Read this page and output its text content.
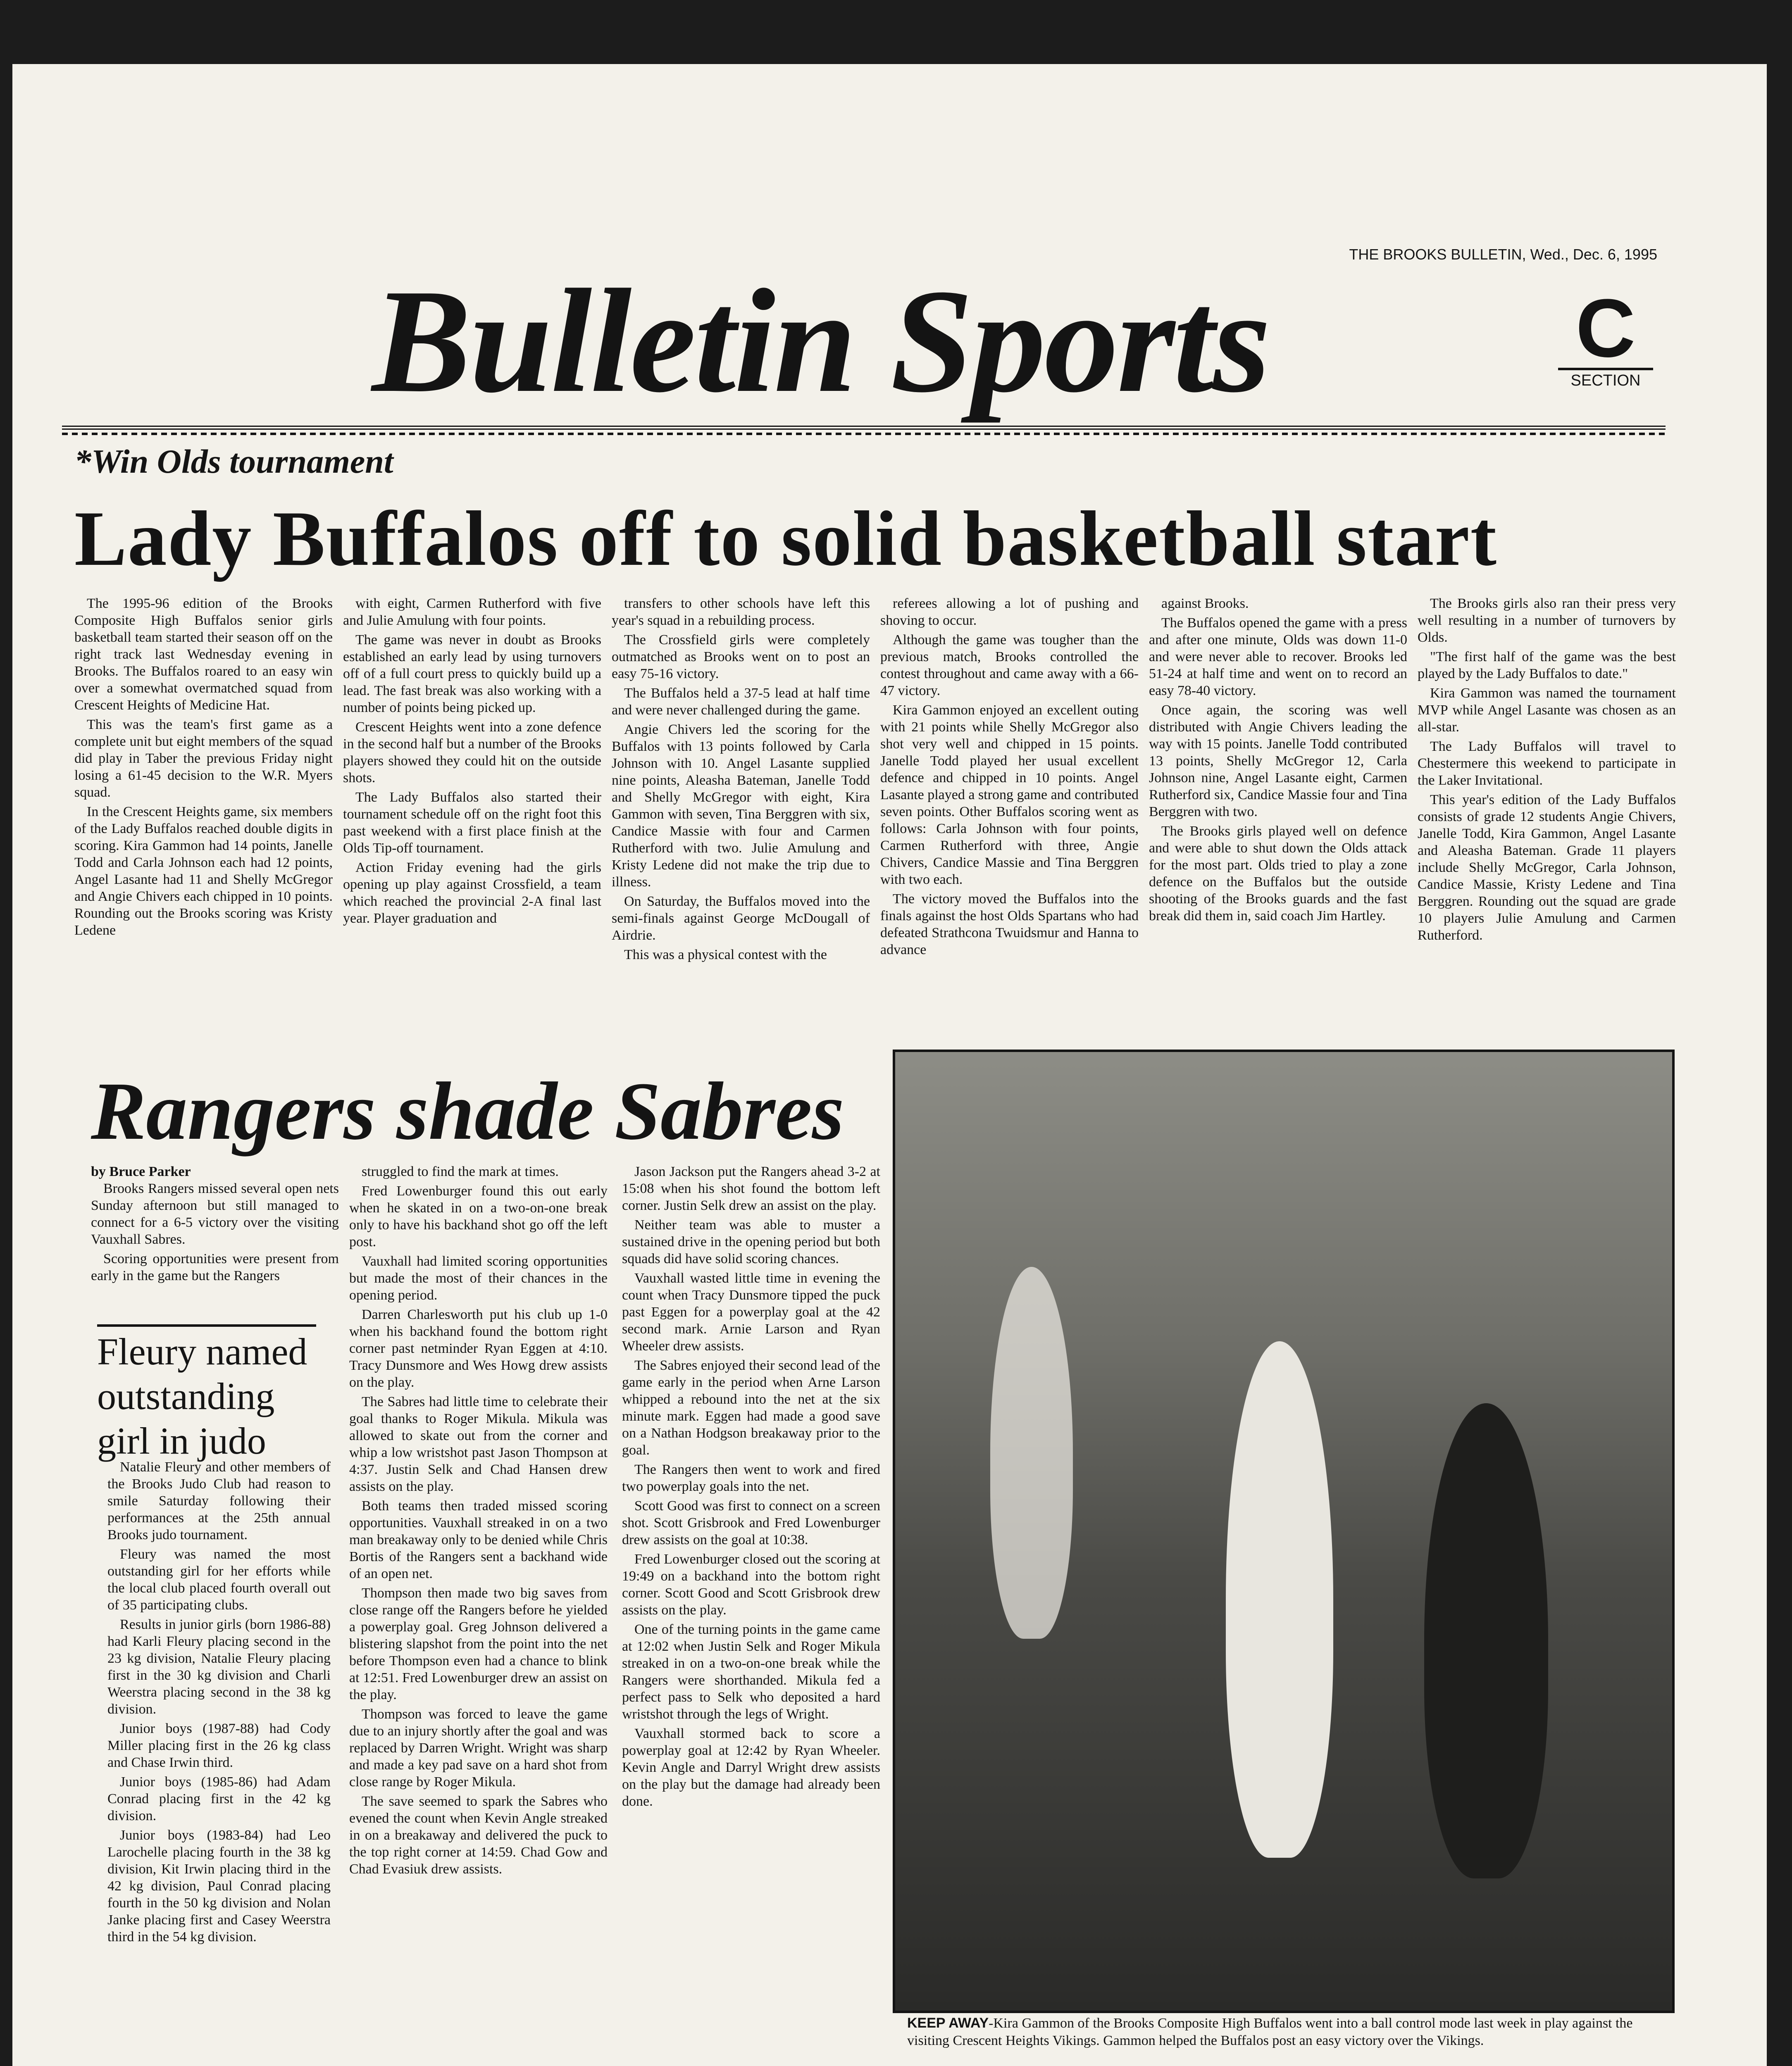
THE BROOKS BULLETIN, Wed., Dec. 6, 1995
Bulletin Sports	C
SECTION
*Win Olds tournament
Lady Buffalos off to solid basketball start

The 1995-96 edition of the Brooks Composite High Buffalos senior girls basketball team started their season off on the right track last Wednesday evening in Brooks. The Buffalos roared to an easy win over a somewhat overmatched squad from Crescent Heights of Medicine Hat.

This was the team's first game as a complete unit but eight members of the squad did play in Taber the previous Friday night losing a 61-45 decision to the W.R. Myers squad.

In the Crescent Heights game, six members of the Lady Buffalos reached double digits in scoring. Kira Gammon had 14 points, Janelle Todd and Carla Johnson each had 12 points, Angel Lasante had 11 and Shelly McGregor and Angie Chivers each chipped in 10 points. Rounding out the Brooks scoring was Kristy Ledene

with eight, Carmen Rutherford with five and Julie Amulung with four points.

The game was never in doubt as Brooks established an early lead by using turnovers off of a full court press to quickly build up a lead. The fast break was also working with a number of points being picked up.

Crescent Heights went into a zone defence in the second half but a number of the Brooks players showed they could hit on the outside shots.

The Lady Buffalos also started their tournament schedule off on the right foot this past weekend with a first place finish at the Olds Tip-off tournament.

Action Friday evening had the girls opening up play against Crossfield, a team which reached the provincial 2-A final last year. Player graduation and

transfers to other schools have left this year's squad in a rebuilding process.

The Crossfield girls were completely outmatched as Brooks went on to post an easy 75-16 victory.

The Buffalos held a 37-5 lead at half time and were never challenged during the game.

Angie Chivers led the scoring for the Buffalos with 13 points followed by Carla Johnson with 10. Angel Lasante supplied nine points, Aleasha Bateman, Janelle Todd and Shelly McGregor with eight, Kira Gammon with seven, Tina Berggren with six, Candice Massie with four and Carmen Rutherford with two. Julie Amulung and Kristy Ledene did not make the trip due to illness.

On Saturday, the Buffalos moved into the semi-finals against George McDougall of Airdrie.

This was a physical contest with the

referees allowing a lot of pushing and shoving to occur.

Although the game was tougher than the previous match, Brooks controlled the contest throughout and came away with a 66-47 victory.

Kira Gammon enjoyed an excellent outing with 21 points while Shelly McGregor also shot very well and chipped in 15 points. Janelle Todd played her usual excellent defence and chipped in 10 points. Angel Lasante played a strong game and contributed seven points. Other Buffalos scoring went as follows: Carla Johnson with four points, Carmen Rutherford with three, Angie Chivers, Candice Massie and Tina Berggren with two each.

The victory moved the Buffalos into the finals against the host Olds Spartans who had defeated Strathcona Twuidsmur and Hanna to advance

against Brooks.

The Buffalos opened the game with a press and after one minute, Olds was down 11-0 and were never able to recover. Brooks led 51-24 at half time and went on to record an easy 78-40 victory.

Once again, the scoring was well distributed with Angie Chivers leading the way with 15 points. Janelle Todd contributed 13 points, Shelly McGregor 12, Carla Johnson nine, Angel Lasante eight, Carmen Rutherford six, Candice Massie four and Tina Berggren with two.

The Brooks girls played well on defence and were able to shut down the Olds attack for the most part. Olds tried to play a zone defence on the Buffalos but the outside shooting of the Brooks guards and the fast break did them in, said coach Jim Hartley.

The Brooks girls also ran their press very well resulting in a number of turnovers by Olds.

"The first half of the game was the best played by the Lady Buffalos to date."

Kira Gammon was named the tournament MVP while Angel Lasante was chosen as an all-star.

The Lady Buffalos will travel to Chestermere this weekend to participate in the Laker Invitational.

This year's edition of the Lady Buffalos consists of grade 12 students Angie Chivers, Janelle Todd, Kira Gammon, Angel Lasante and Aleasha Bateman. Grade 11 players include Shelly McGregor, Carla Johnson, Candice Massie, Kristy Ledene and Tina Berggren. Rounding out the squad are grade 10 players Julie Amulung and Carmen Rutherford.

Rangers shade Sabres
by Bruce Parker

Brooks Rangers missed several open nets Sunday afternoon but still managed to connect for a 6-5 victory over the visiting Vauxhall Sabres.

Scoring opportunities were present from early in the game but the Rangers

Fleury named outstanding girl in judo

Natalie Fleury and other members of the Brooks Judo Club had reason to smile Saturday following their performances at the 25th annual Brooks judo tournament.

Fleury was named the most outstanding girl for her efforts while the local club placed fourth overall out of 35 participating clubs.

Results in junior girls (born 1986-88) had Karli Fleury placing second in the 23 kg division, Natalie Fleury placing first in the 30 kg division and Charli Weerstra placing second in the 38 kg division.

Junior boys (1987-88) had Cody Miller placing first in the 26 kg class and Chase Irwin third.

Junior boys (1985-86) had Adam Conrad placing first in the 42 kg division.

Junior boys (1983-84) had Leo Larochelle placing fourth in the 38 kg division, Kit Irwin placing third in the 42 kg division, Paul Conrad placing fourth in the 50 kg division and Nolan Janke placing first and Casey Weerstra third in the 54 kg division.

struggled to find the mark at times.

Fred Lowenburger found this out early when he skated in on a two-on-one break only to have his backhand shot go off the left post.

Vauxhall had limited scoring opportunities but made the most of their chances in the opening period.

Darren Charlesworth put his club up 1-0 when his backhand found the bottom right corner past netminder Ryan Eggen at 4:10. Tracy Dunsmore and Wes Howg drew assists on the play.

The Sabres had little time to celebrate their goal thanks to Roger Mikula. Mikula was allowed to skate out from the corner and whip a low wristshot past Jason Thompson at 4:37. Justin Selk and Chad Hansen drew assists on the play.

Both teams then traded missed scoring opportunities. Vauxhall streaked in on a two man breakaway only to be denied while Chris Bortis of the Rangers sent a backhand wide of an open net.

Thompson then made two big saves from close range off the Rangers before he yielded a powerplay goal. Greg Johnson delivered a blistering slapshot from the point into the net before Thompson even had a chance to blink at 12:51. Fred Lowenburger drew an assist on the play.

Thompson was forced to leave the game due to an injury shortly after the goal and was replaced by Darren Wright. Wright was sharp and made a key pad save on a hard shot from close range by Roger Mikula.

The save seemed to spark the Sabres who evened the count when Kevin Angle streaked in on a breakaway and delivered the puck to the top right corner at 14:59. Chad Gow and Chad Evasiuk drew assists.

Jason Jackson put the Rangers ahead 3-2 at 15:08 when his shot found the bottom left corner. Justin Selk drew an assist on the play.

Neither team was able to muster a sustained drive in the opening period but both squads did have solid scoring chances.

Vauxhall wasted little time in evening the count when Tracy Dunsmore tipped the puck past Eggen for a powerplay goal at the 42 second mark. Arnie Larson and Ryan Wheeler drew assists.

The Sabres enjoyed their second lead of the game early in the period when Arne Larson whipped a rebound into the net at the six minute mark. Eggen had made a good save on a Nathan Hodgson breakaway prior to the goal.

The Rangers then went to work and fired two powerplay goals into the net.

Scott Good was first to connect on a screen shot. Scott Grisbrook and Fred Lowenburger drew assists on the goal at 10:38.

Fred Lowenburger closed out the scoring at 19:49 on a backhand into the bottom right corner. Scott Good and Scott Grisbrook drew assists on the play.

One of the turning points in the game came at 12:02 when Justin Selk and Roger Mikula streaked in on a two-on-one break while the Rangers were shorthanded. Mikula fed a perfect pass to Selk who deposited a hard wristshot through the legs of Wright.

Vauxhall stormed back to score a powerplay goal at 12:42 by Ryan Wheeler. Kevin Angle and Darryl Wright drew assists on the play but the damage had already been done.

KEEP AWAY-Kira Gammon of the Brooks Composite High Buffalos went into a ball control mode last week in play against the visiting Crescent Heights Vikings. Gammon helped the Buffalos post an easy victory over the Vikings.
